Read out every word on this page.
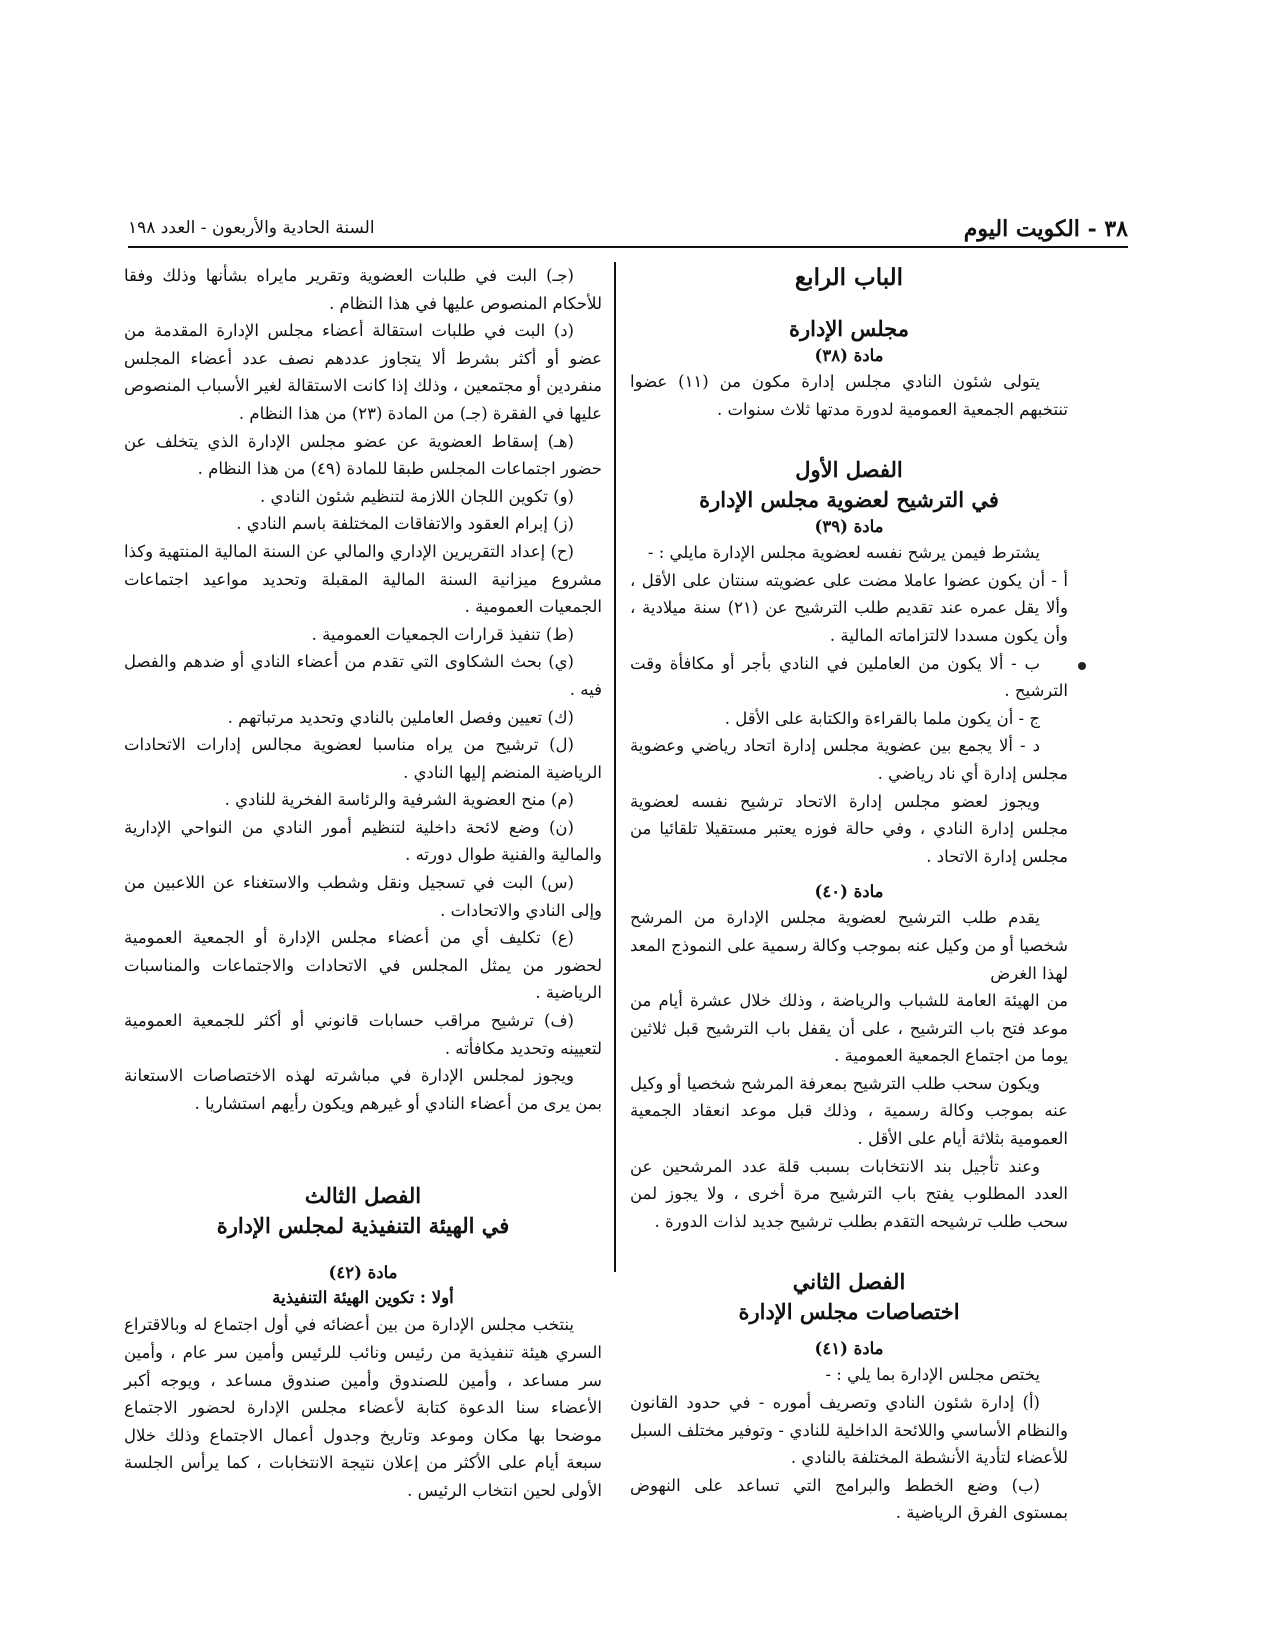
٣٨ - الكويت اليوم
السنة الحادية والأربعون - العدد ١٩٨
الباب الرابع
مجلس الإدارة
مادة (٣٨)

يتولى شئون النادي مجلس إدارة مكون من (١١) عضوا تنتخبهم الجمعية العمومية لدورة مدتها ثلاث سنوات .

الفصل الأول
في الترشيح لعضوية مجلس الإدارة
مادة (٣٩)

يشترط فيمن يرشح نفسه لعضوية مجلس الإدارة مايلي : -

أ - أن يكون عضوا عاملا مضت على عضويته سنتان على الأقل ، وألا يقل عمره عند تقديم طلب الترشيح عن (٢١) سنة ميلادية ، وأن يكون مسددا لالتزاماته المالية .

ب - ألا يكون من العاملين في النادي بأجر أو مكافأة وقت الترشيح .

ج - أن يكون ملما بالقراءة والكتابة على الأقل .

د - ألا يجمع بين عضوية مجلس إدارة اتحاد رياضي وعضوية مجلس إدارة أي ناد رياضي .

ويجوز لعضو مجلس إدارة الاتحاد ترشيح نفسه لعضوية مجلس إدارة النادي ، وفي حالة فوزه يعتبر مستقيلا تلقائيا من مجلس إدارة الاتحاد .

مادة (٤٠)

يقدم طلب الترشيح لعضوية مجلس الإدارة من المرشح شخصيا أو من وكيل عنه بموجب وكالة رسمية على النموذج المعد لهذا الغرض

من الهيئة العامة للشباب والرياضة ، وذلك خلال عشرة أيام من موعد فتح باب الترشيح ، على أن يقفل باب الترشيح قبل ثلاثين يوما من اجتماع الجمعية العمومية .

ويكون سحب طلب الترشيح بمعرفة المرشح شخصيا أو وكيل عنه بموجب وكالة رسمية ، وذلك قبل موعد انعقاد الجمعية العمومية بثلاثة أيام على الأقل .

وعند تأجيل بند الانتخابات بسبب قلة عدد المرشحين عن العدد المطلوب يفتح باب الترشيح مرة أخرى ، ولا يجوز لمن سحب طلب ترشيحه التقدم بطلب ترشيح جديد لذات الدورة .

الفصل الثاني
اختصاصات مجلس الإدارة
مادة (٤١)

يختص مجلس الإدارة بما يلي : -

(أ) إدارة شئون النادي وتصريف أموره - في حدود القانون والنظام الأساسي واللائحة الداخلية للنادي - وتوفير مختلف السبل للأعضاء لتأدية الأنشطة المختلفة بالنادي .

(ب) وضع الخطط والبرامج التي تساعد على النهوض بمستوى الفرق الرياضية .

(جـ) البت في طلبات العضوية وتقرير مايراه بشأنها وذلك وفقا للأحكام المنصوص عليها في هذا النظام .

(د) البت في طلبات استقالة أعضاء مجلس الإدارة المقدمة من عضو أو أكثر بشرط ألا يتجاوز عددهم نصف عدد أعضاء المجلس منفردين أو مجتمعين ، وذلك إذا كانت الاستقالة لغير الأسباب المنصوص عليها في الفقرة (جـ) من المادة (٢٣) من هذا النظام .

(هـ) إسقاط العضوية عن عضو مجلس الإدارة الذي يتخلف عن حضور اجتماعات المجلس طبقا للمادة (٤٩) من هذا النظام .

(و) تكوين اللجان اللازمة لتنظيم شئون النادي .

(ز) إبرام العقود والاتفاقات المختلفة باسم النادي .

(ح) إعداد التقريرين الإداري والمالي عن السنة المالية المنتهية وكذا مشروع ميزانية السنة المالية المقبلة وتحديد مواعيد اجتماعات الجمعيات العمومية .

(ط) تنفيذ قرارات الجمعيات العمومية .

(ي) بحث الشكاوى التي تقدم من أعضاء النادي أو ضدهم والفصل فيه .

(ك) تعيين وفصل العاملين بالنادي وتحديد مرتباتهم .

(ل) ترشيح من يراه مناسبا لعضوية مجالس إدارات الاتحادات الرياضية المنضم إليها النادي .

(م) منح العضوية الشرفية والرئاسة الفخرية للنادي .

(ن) وضع لائحة داخلية لتنظيم أمور النادي من النواحي الإدارية والمالية والفنية طوال دورته .

(س) البت في تسجيل ونقل وشطب والاستغناء عن اللاعبين من وإلى النادي والاتحادات .

(ع) تكليف أي من أعضاء مجلس الإدارة أو الجمعية العمومية لحضور من يمثل المجلس في الاتحادات والاجتماعات والمناسبات الرياضية .

(ف) ترشيح مراقب حسابات قانوني أو أكثر للجمعية العمومية لتعيينه وتحديد مكافأته .

ويجوز لمجلس الإدارة في مباشرته لهذه الاختصاصات الاستعانة بمن يرى من أعضاء النادي أو غيرهم ويكون رأيهم استشاريا .

الفصل الثالث
في الهيئة التنفيذية لمجلس الإدارة
مادة (٤٢)
أولا : تكوين الهيئة التنفيذية

ينتخب مجلس الإدارة من بين أعضائه في أول اجتماع له وبالاقتراع السري هيئة تنفيذية من رئيس ونائب للرئيس وأمين سر عام ، وأمين سر مساعد ، وأمين للصندوق وأمين صندوق مساعد ، ويوجه أكبر الأعضاء سنا الدعوة كتابة لأعضاء مجلس الإدارة لحضور الاجتماع موضحا بها مكان وموعد وتاريخ وجدول أعمال الاجتماع وذلك خلال سبعة أيام على الأكثر من إعلان نتيجة الانتخابات ، كما يرأس الجلسة الأولى لحين انتخاب الرئيس .
